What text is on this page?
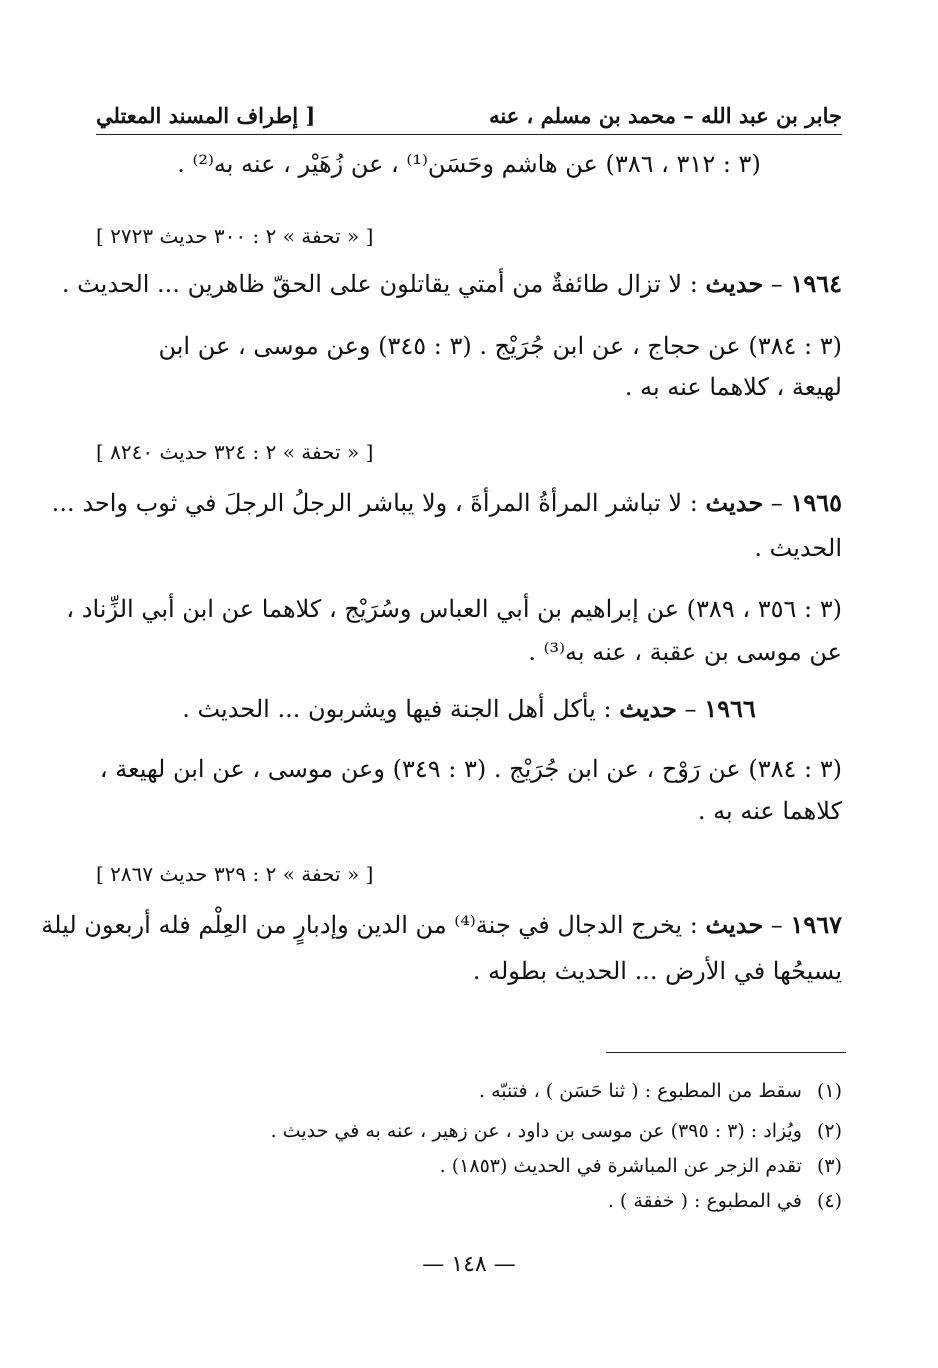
جابر بن عبد الله – محمد بن مسلم ، عنه
[ إطراف المسند المعتلي
(٣ : ٣١٢ ، ٣٨٦) عن هاشم وحَسَن⁽¹⁾ ، عن زُهَيْر ، عنه به⁽²⁾ .
[ « تحفة » ٢ : ٣٠٠ حديث ٢٧٢٣ ]
١٩٦٤ – حديث : لا تزال طائفةٌ من أمتي يقاتلون على الحقّ ظاهرين ... الحديث .
(٣ : ٣٨٤) عن حجاج ، عن ابن جُرَيْج . (٣ : ٣٤٥) وعن موسى ، عن ابن
لهيعة ، كلاهما عنه به .
[ « تحفة » ٢ : ٣٢٤ حديث ٨٢٤٠ ]
١٩٦٥ – حديث : لا تباشر المرأةُ المرأةَ ، ولا يباشر الرجلُ الرجلَ في ثوب واحد ...
الحديث .
(٣ : ٣٥٦ ، ٣٨٩) عن إبراهيم بن أبي العباس وسُرَيْج ، كلاهما عن ابن أبي الزِّناد ،
عن موسى بن عقبة ، عنه به⁽³⁾ .
١٩٦٦ – حديث : يأكل أهل الجنة فيها ويشربون ... الحديث .
(٣ : ٣٨٤) عن رَوْح ، عن ابن جُرَيْج . (٣ : ٣٤٩) وعن موسى ، عن ابن لهيعة ،
كلاهما عنه به .
[ « تحفة » ٢ : ٣٢٩ حديث ٢٨٦٧ ]
١٩٦٧ – حديث : يخرج الدجال في جنة⁽⁴⁾ من الدين وإدبارٍ من العِلْم فله أربعون ليلة
يسيحُها في الأرض ... الحديث بطوله .
(١) سقط من المطبوع : ( ثنا حَسَن ) ، فتنبّه .
(٢) ويُزاد : (٣ : ٣٩٥) عن موسى بن داود ، عن زهير ، عنه به في حديث .
(٣) تقدم الزجر عن المباشرة في الحديث (١٨٥٣) .
(٤) في المطبوع : ( خفقة ) .
— ١٤٨ —
